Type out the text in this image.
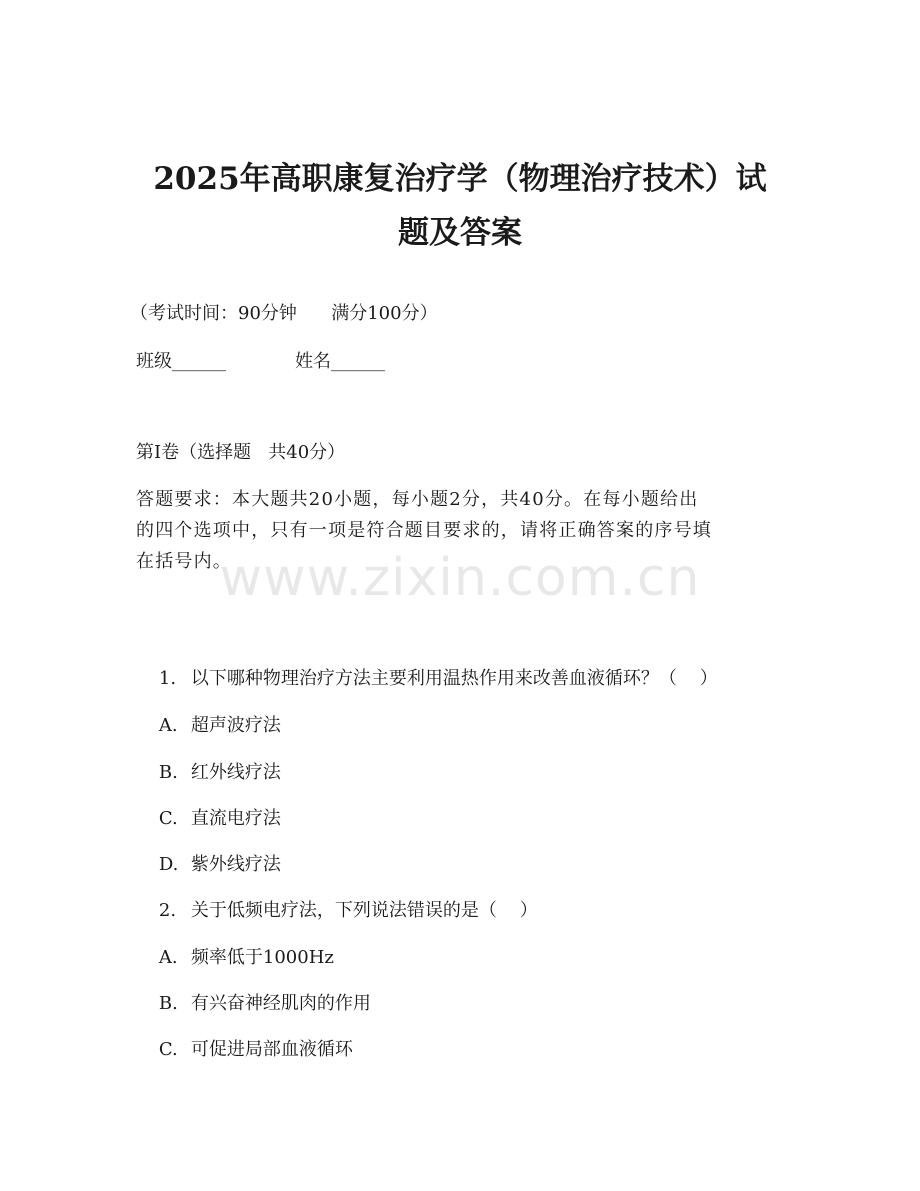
2025年高职康复治疗学（物理治疗技术）试
题及答案
（考试时间：90分钟      满分100分）
班级______	姓名______
第I卷（选择题   共40分）
答题要求：本大题共20小题，每小题2分，共40分。在每小题给出
的四个选项中，只有一项是符合题目要求的，请将正确答案的序号填
在括号内。
www.zixin.com.cn

1. 以下哪种物理治疗方法主要利用温热作用来改善血液循环？（    ）

A. 超声波疗法

B. 红外线疗法

C. 直流电疗法

D. 紫外线疗法

2. 关于低频电疗法，下列说法错误的是（    ）

A. 频率低于1000Hz

B. 有兴奋神经肌肉的作用

C. 可促进局部血液循环
